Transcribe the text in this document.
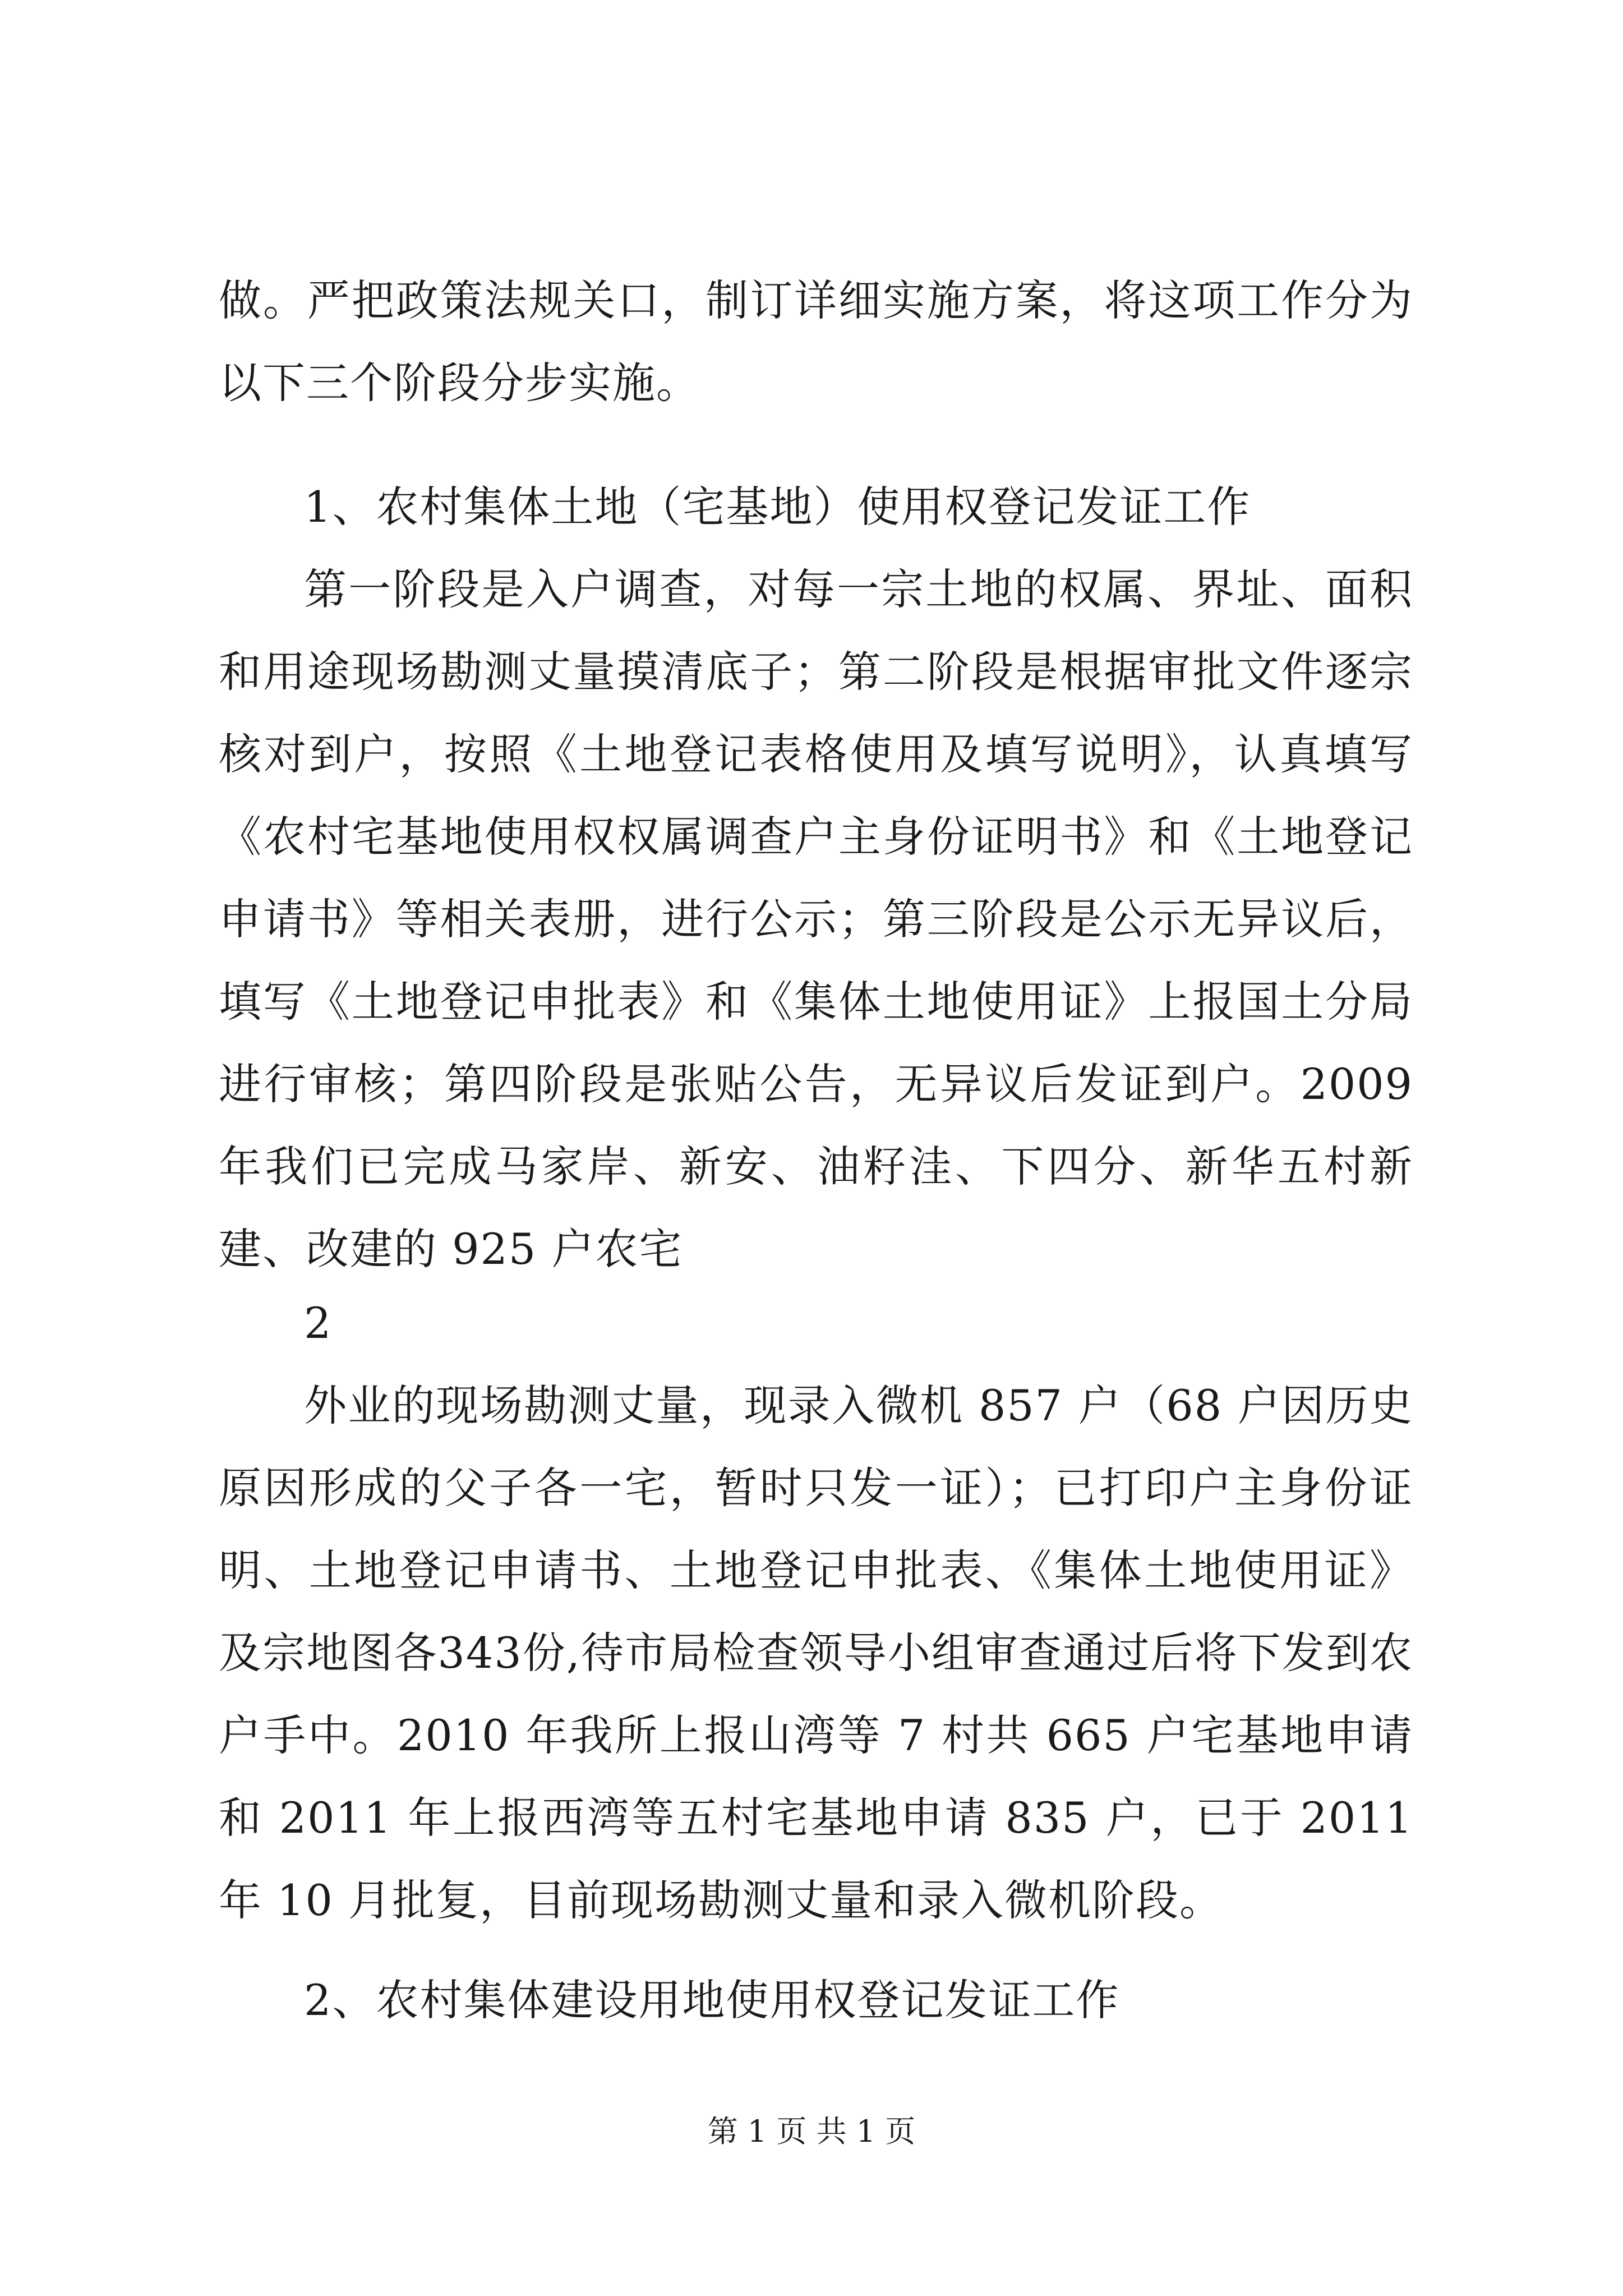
做。严把政策法规关口，制订详细实施方案，将这项工作分为以下三个阶段分步实施。

1、农村集体土地（宅基地）使用权登记发证工作

第一阶段是入户调查，对每一宗土地的权属、界址、面积和用途现场勘测丈量摸清底子；第二阶段是根据审批文件逐宗核对到户，按照《土地登记表格使用及填写说明》，认真填写《农村宅基地使用权权属调查户主身份证明书》和《土地登记申请书》等相关表册，进行公示；第三阶段是公示无异议后，填写《土地登记申批表》和《集体土地使用证》上报国土分局进行审核；第四阶段是张贴公告，无异议后发证到户。2009 年我们已完成马家岸、新安、油籽洼、下四分、新华五村新建、改建的 925 户农宅

2

外业的现场勘测丈量，现录入微机 857 户（68 户因历史原因形成的父子各一宅，暂时只发一证）；已打印户主身份证明、土地登记申请书、土地登记申批表、《集体土地使用证》及宗地图各343份,待市局检查领导小组审查通过后将下发到农户手中。2010 年我所上报山湾等 7 村共 665 户宅基地申请和 2011 年上报西湾等五村宅基地申请 835 户，已于 2011 年 10 月批复，目前现场勘测丈量和录入微机阶段。

2、农村集体建设用地使用权登记发证工作

第 1 页 共 1 页
